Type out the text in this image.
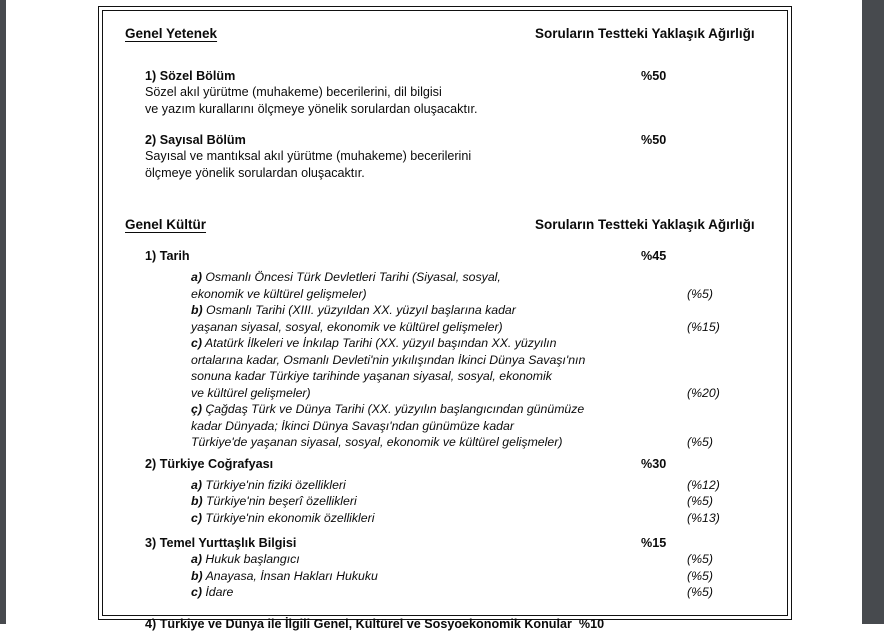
Genel Yetenek	Soruların Testteki Yaklaşık Ağırlığı
1) Sözel Bölüm	%50
Sözel akıl yürütme (muhakeme) becerilerini, dil bilgisi
ve yazım kurallarını ölçmeye yönelik sorulardan oluşacaktır.
2) Sayısal Bölüm	%50
Sayısal ve mantıksal akıl yürütme (muhakeme) becerilerini
ölçmeye yönelik sorulardan oluşacaktır.
Genel Kültür	Soruların Testteki Yaklaşık Ağırlığı
1) Tarih	%45
a) Osmanlı Öncesi Türk Devletleri Tarihi (Siyasal, sosyal,
ekonomik ve kültürel gelişmeler)	(%5)
b) Osmanlı Tarihi (XIII. yüzyıldan XX. yüzyıl başlarına kadar
yaşanan siyasal, sosyal, ekonomik ve kültürel gelişmeler)	(%15)
c) Atatürk İlkeleri ve İnkılap Tarihi (XX. yüzyıl başından XX. yüzyılın
ortalarına kadar, Osmanlı Devleti'nin yıkılışından İkinci Dünya Savaşı'nın
sonuna kadar Türkiye tarihinde yaşanan siyasal, sosyal, ekonomik
ve kültürel gelişmeler)	(%20)
ç) Çağdaş Türk ve Dünya Tarihi (XX. yüzyılın başlangıcından günümüze
kadar Dünyada; İkinci Dünya Savaşı'ndan günümüze kadar
Türkiye'de yaşanan siyasal, sosyal, ekonomik ve kültürel gelişmeler)	(%5)
2) Türkiye Coğrafyası	%30
a) Türkiye'nin fiziki özellikleri	(%12)
b) Türkiye'nin beşerî özellikleri	(%5)
c) Türkiye'nin ekonomik özellikleri	(%13)
3) Temel Yurttaşlık Bilgisi	%15
a) Hukuk başlangıcı	(%5)
b) Anayasa, İnsan Hakları Hukuku	(%5)
c) İdare	(%5)
4) Türkiye ve Dünya ile İlgili Genel, Kültürel ve Sosyoekonomik Konular %10
